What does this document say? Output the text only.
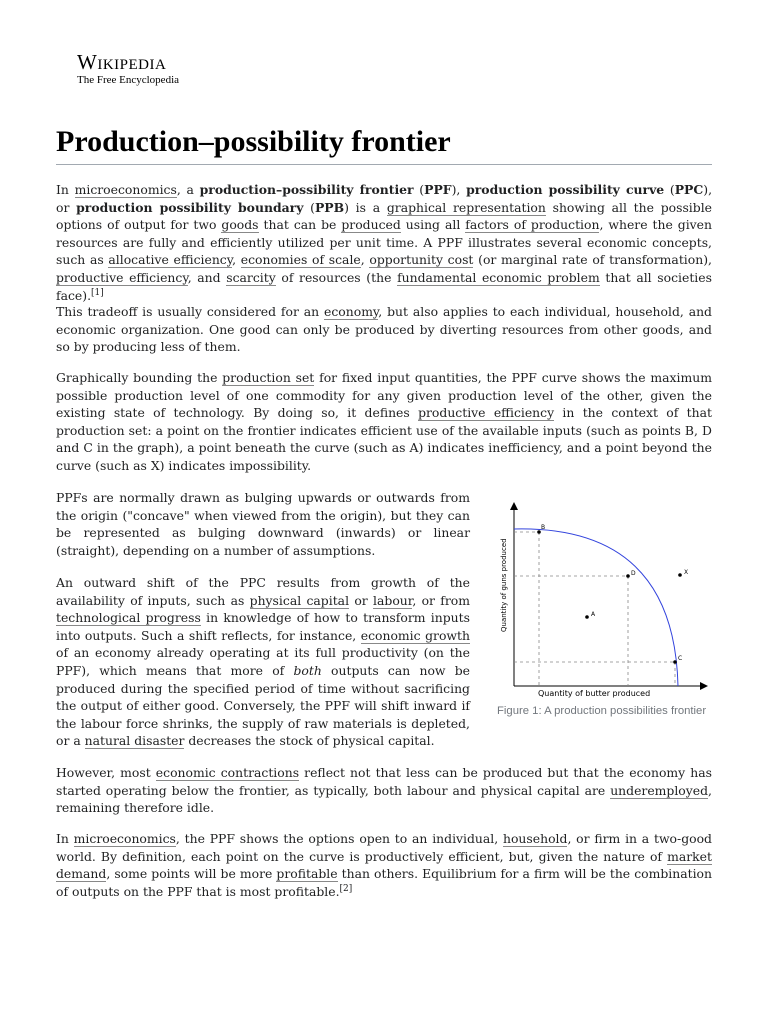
Wikipedia
The Free Encyclopedia
Production–possibility frontier

In microeconomics, a production–possibility frontier (PPF), production possibility curve (PPC), or production possibility boundary (PPB) is a graphical representation showing all the possible options of output for two goods that can be produced using all factors of production, where the given resources are fully and efficiently utilized per unit time. A PPF illustrates several economic concepts, such as allocative efficiency, economies of scale, opportunity cost (or marginal rate of transformation), productive efficiency, and scarcity of resources (the fundamental economic problem that all societies face).[1]

This tradeoff is usually considered for an economy, but also applies to each individual, household, and economic organization. One good can only be produced by diverting resources from other goods, and so by producing less of them.

Graphically bounding the production set for fixed input quantities, the PPF curve shows the maximum possible production level of one commodity for any given production level of the other, given the existing state of technology. By doing so, it defines productive efficiency in the context of that production set: a point on the frontier indicates efficient use of the available inputs (such as points B, D and C in the graph), a point beneath the curve (such as A) indicates inefficiency, and a point beyond the curve (such as X) indicates impossibility.

PPFs are normally drawn as bulging upwards or outwards from the origin ("concave" when viewed from the origin), but they can be represented as bulging downward (inwards) or linear (straight), depending on a number of assumptions.

An outward shift of the PPC results from growth of the availability of inputs, such as physical capital or labour, or from technological progress in knowledge of how to transform inputs into outputs. Such a shift reflects, for instance, economic growth of an economy already operating at its full productivity (on the PPF), which means that more of both outputs can now be produced during the specified period of time without sacrificing the output of either good. Conversely, the PPF will shift inward if the labour force shrinks, the supply of raw materials is depleted, or a natural disaster decreases the stock of physical capital.

However, most economic contractions reflect not that less can be produced but that the economy has started operating below the frontier, as typically, both labour and physical capital are underemployed, remaining therefore idle.

In microeconomics, the PPF shows the options open to an individual, household, or firm in a two-good world. By definition, each point on the curve is productively efficient, but, given the nature of market demand, some points will be more profitable than others. Equilibrium for a firm will be the combination of outputs on the PPF that is most profitable.[2]

B
D
A
X
C
Quantity of butter produced
Quantity of guns produced
Figure 1: A production possibilities frontier
